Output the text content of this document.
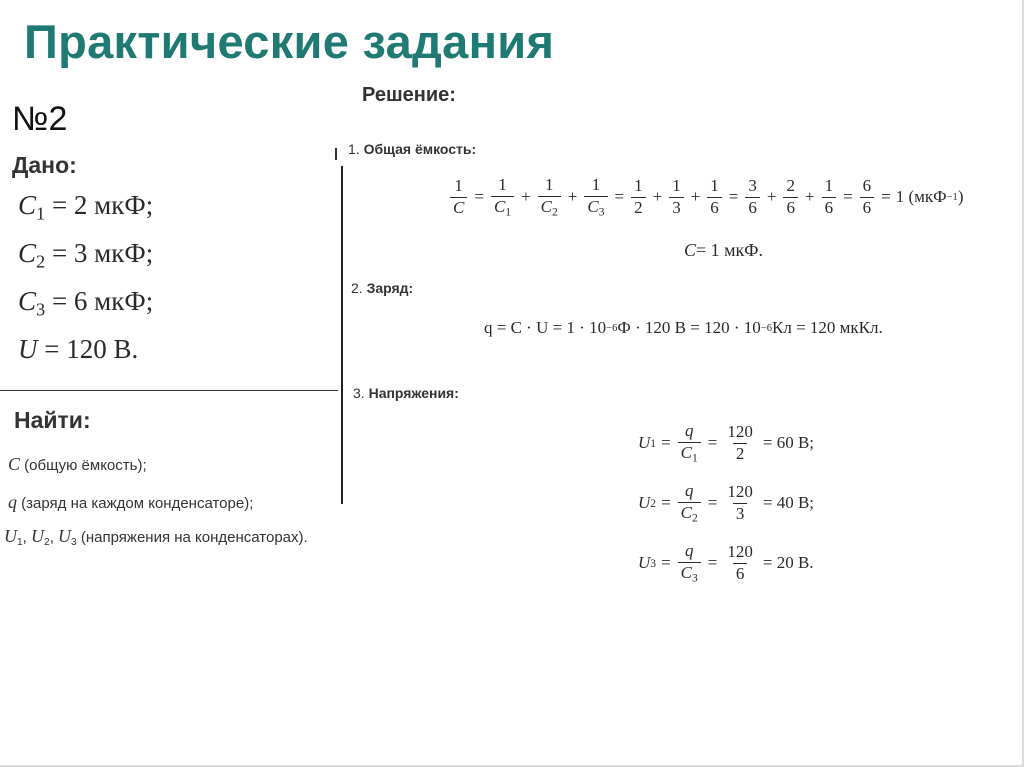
Практические задания
№2
Дано:
$C_1 = 2$ мкФ;
$C_2 = 3$ мкФ;
$C_3 = 6$ мкФ;
U = 120 В.
Найти:
C (общую ёмкость);
q (заряд на каждом конденсаторе);
$U_1$, $U_2$, $U_3$ (напряжения на конденсаторах).
Решение:
1. Общая ёмкость:
$\frac{1}{C} = \frac{1}{C_1} + \frac{1}{C_2} + \frac{1}{C_3} = \frac{1}{2} + \frac{1}{3} + \frac{1}{6} = \frac{3}{6} + \frac{2}{6} + \frac{1}{6} = \frac{6}{6} = 1$ (мкФ −1 )
C = 1 мкФ.
2. Заряд:
q = C · U = 1 · 10 −6 Ф · 120 В = 120 · 10 −6 Кл = 120 мкКл.
3. Напряжения:
U $1 = \frac{q}{C_1} = \frac{120}{2} = 60$ В;
U $2 = \frac{q}{C_2} = \frac{120}{3} = 40$ В;
U $3 = \frac{q}{C_3} = \frac{120}{6} = 20$ В.
